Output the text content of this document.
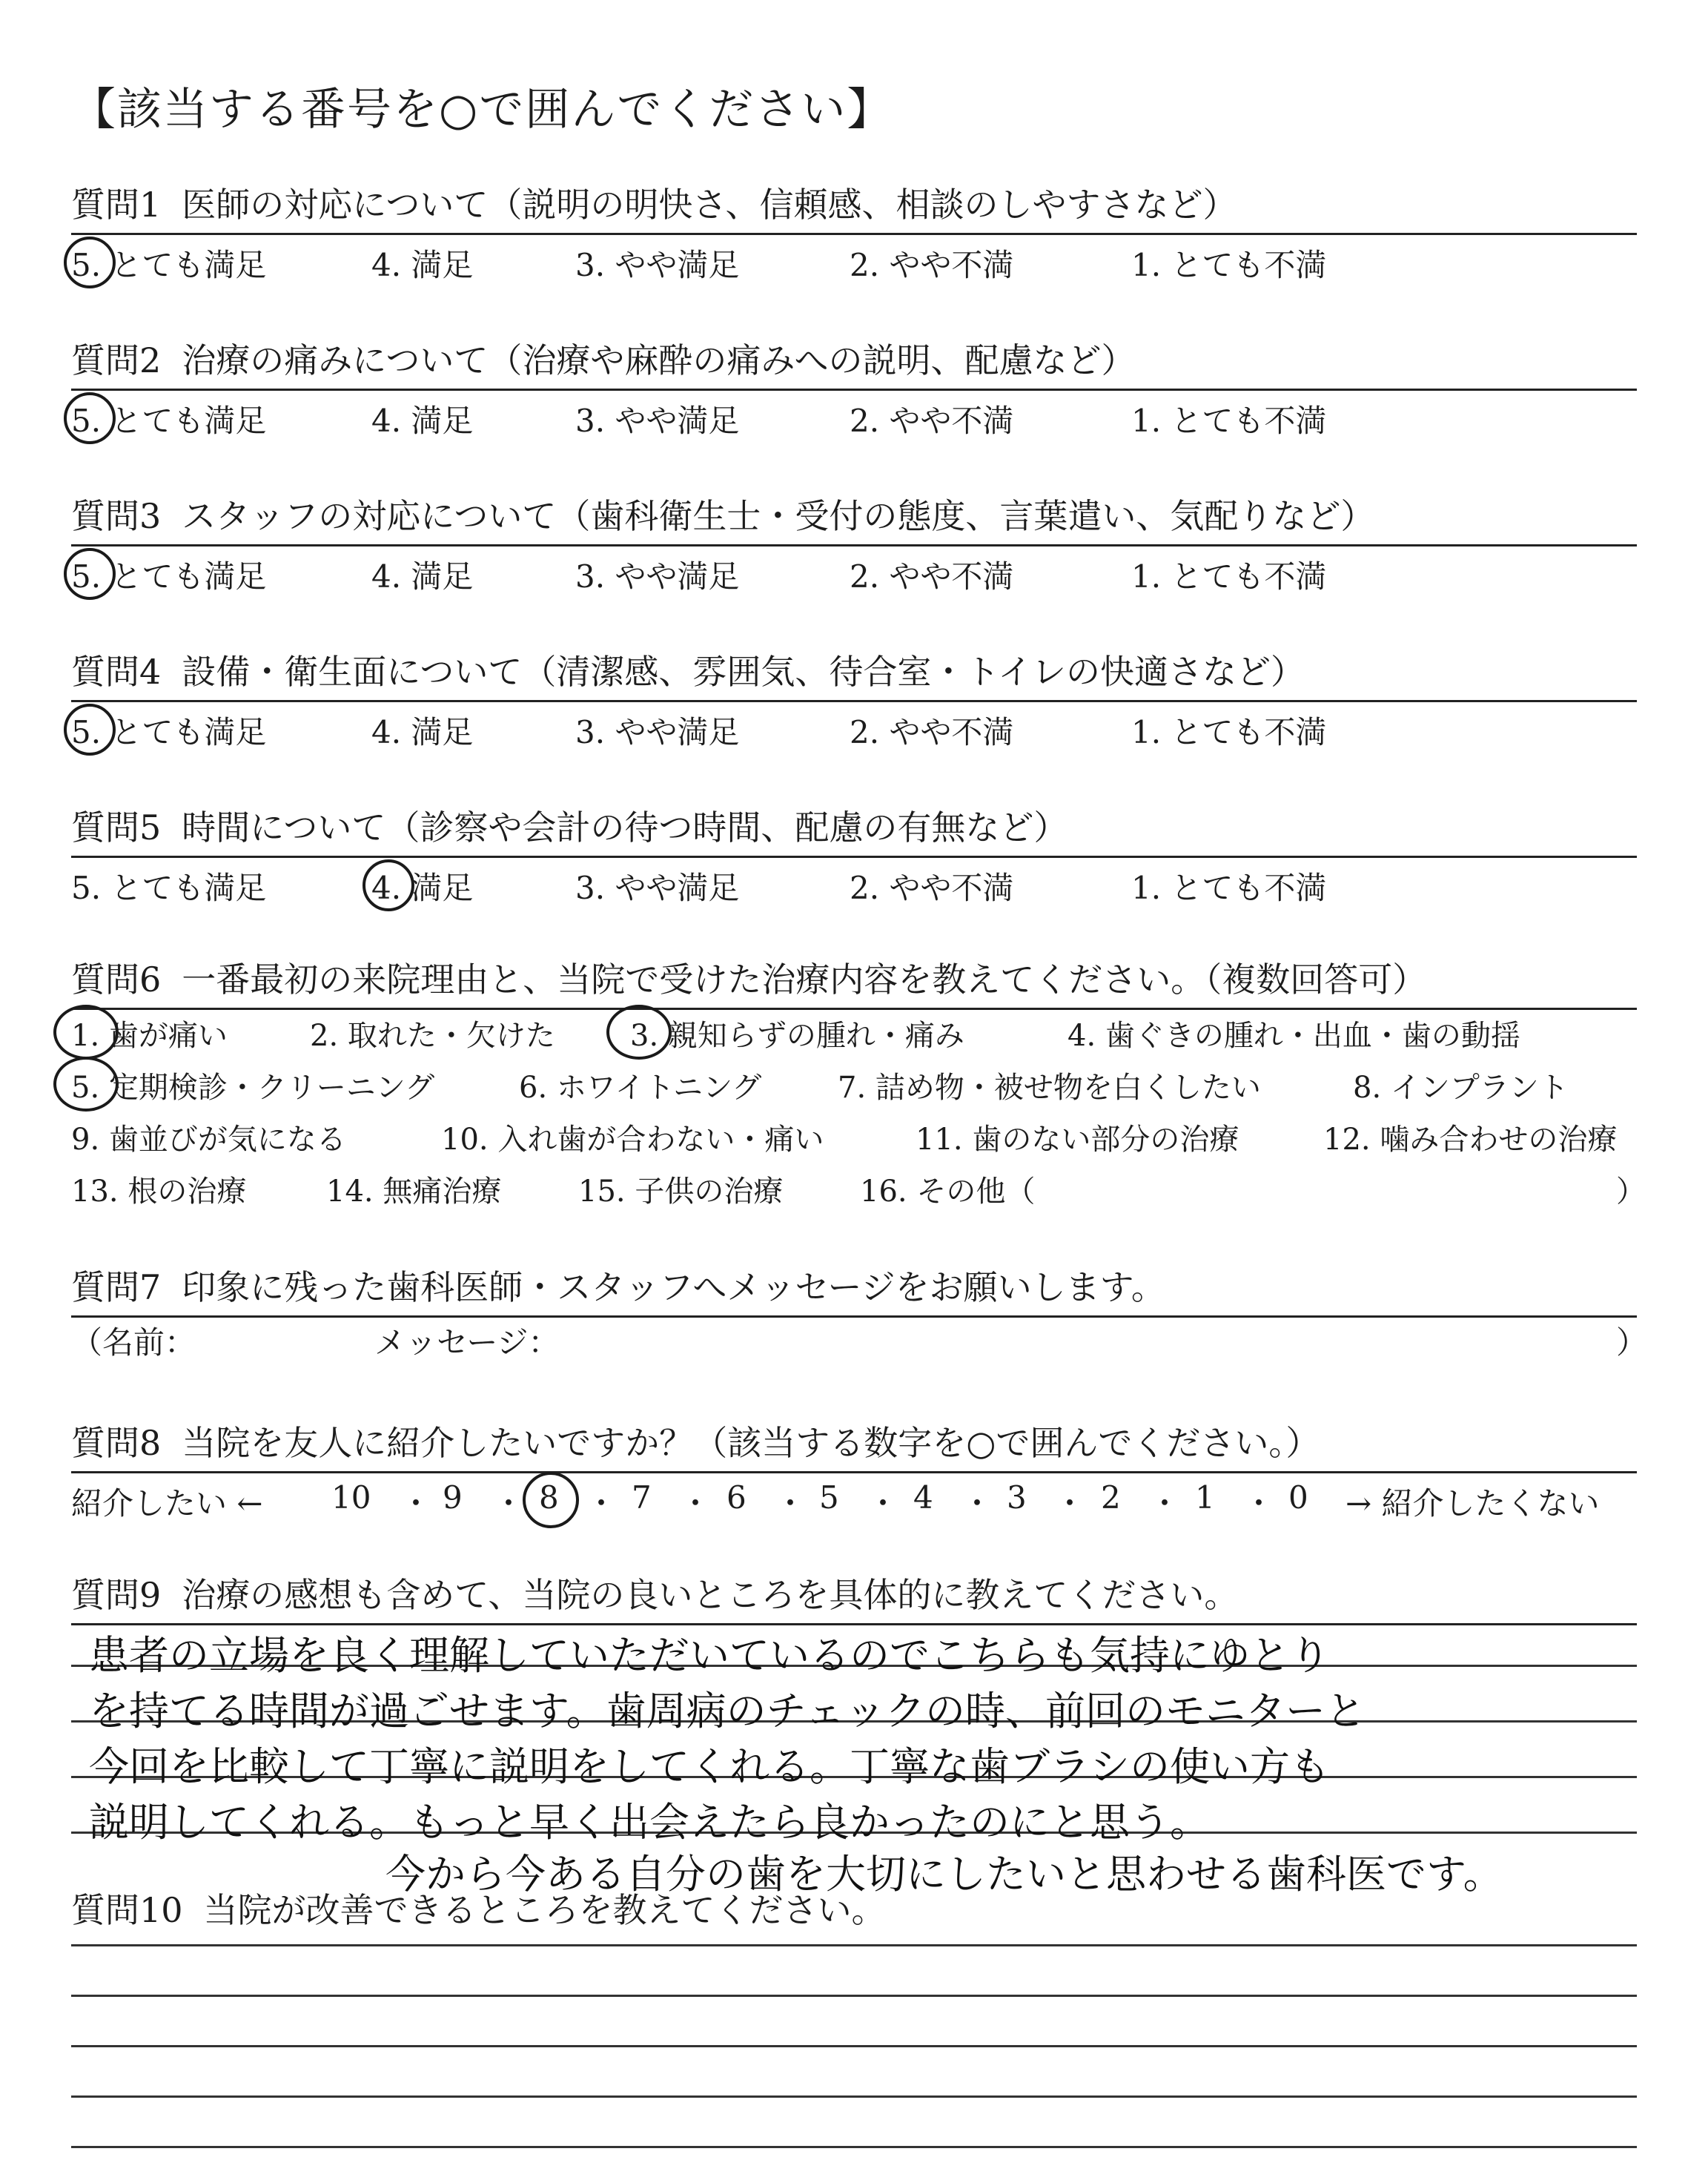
【該当する番号を○で囲んでください】
質問1 医師の対応について（説明の明快さ、信頼感、相談のしやすさなど）
5. とても満足	4. 満足	3. やや満足	2. やや不満	1. とても不満
質問2 治療の痛みについて（治療や麻酔の痛みへの説明、配慮など）
5. とても満足	4. 満足	3. やや満足	2. やや不満	1. とても不満
質問3 スタッフの対応について（歯科衛生士・受付の態度、言葉遣い、気配りなど）
5. とても満足	4. 満足	3. やや満足	2. やや不満	1. とても不満
質問4 設備・衛生面について（清潔感、雰囲気、待合室・トイレの快適さなど）
5. とても満足	4. 満足	3. やや満足	2. やや不満	1. とても不満
質問5 時間について（診察や会計の待つ時間、配慮の有無など）
5. とても満足	4. 満足	3. やや満足	2. やや不満	1. とても不満
質問6 一番最初の来院理由と、当院で受けた治療内容を教えてください。（複数回答可）
1. 歯が痛い	2. 取れた・欠けた	3. 親知らずの腫れ・痛み	4. 歯ぐきの腫れ・出血・歯の動揺
5. 定期検診・クリーニング	6. ホワイトニング	7. 詰め物・被せ物を白くしたい	8. インプラント
9. 歯並びが気になる	10. 入れ歯が合わない・痛い	11. 歯のない部分の治療	12. 噛み合わせの治療
13. 根の治療	14. 無痛治療	15. 子供の治療	16. その他（	）
質問7 印象に残った歯科医師・スタッフへメッセージをお願いします。
（名前：	メッセージ：	）
質問8 当院を友人に紹介したいですか？（該当する数字を○で囲んでください。）
紹介したい ← 10 ・ 9 ・ 8 ・ 7 ・ 6 ・ 5 ・ 4 ・ 3 ・ 2 ・ 1 ・ 0 → 紹介したくない
質問9 治療の感想も含めて、当院の良いところを具体的に教えてください。
患者の立場を良く理解していただいているのでこちらも気持にゆとり
を持てる時間が過ごせます。歯周病のチェックの時、前回のモニターと
今回を比較して丁寧に説明をしてくれる。丁寧な歯ブラシの使い方も
説明してくれる。もっと早く出会えたら良かったのにと思う。
今から今ある自分の歯を大切にしたいと思わせる歯科医です。
質問10 当院が改善できるところを教えてください。
